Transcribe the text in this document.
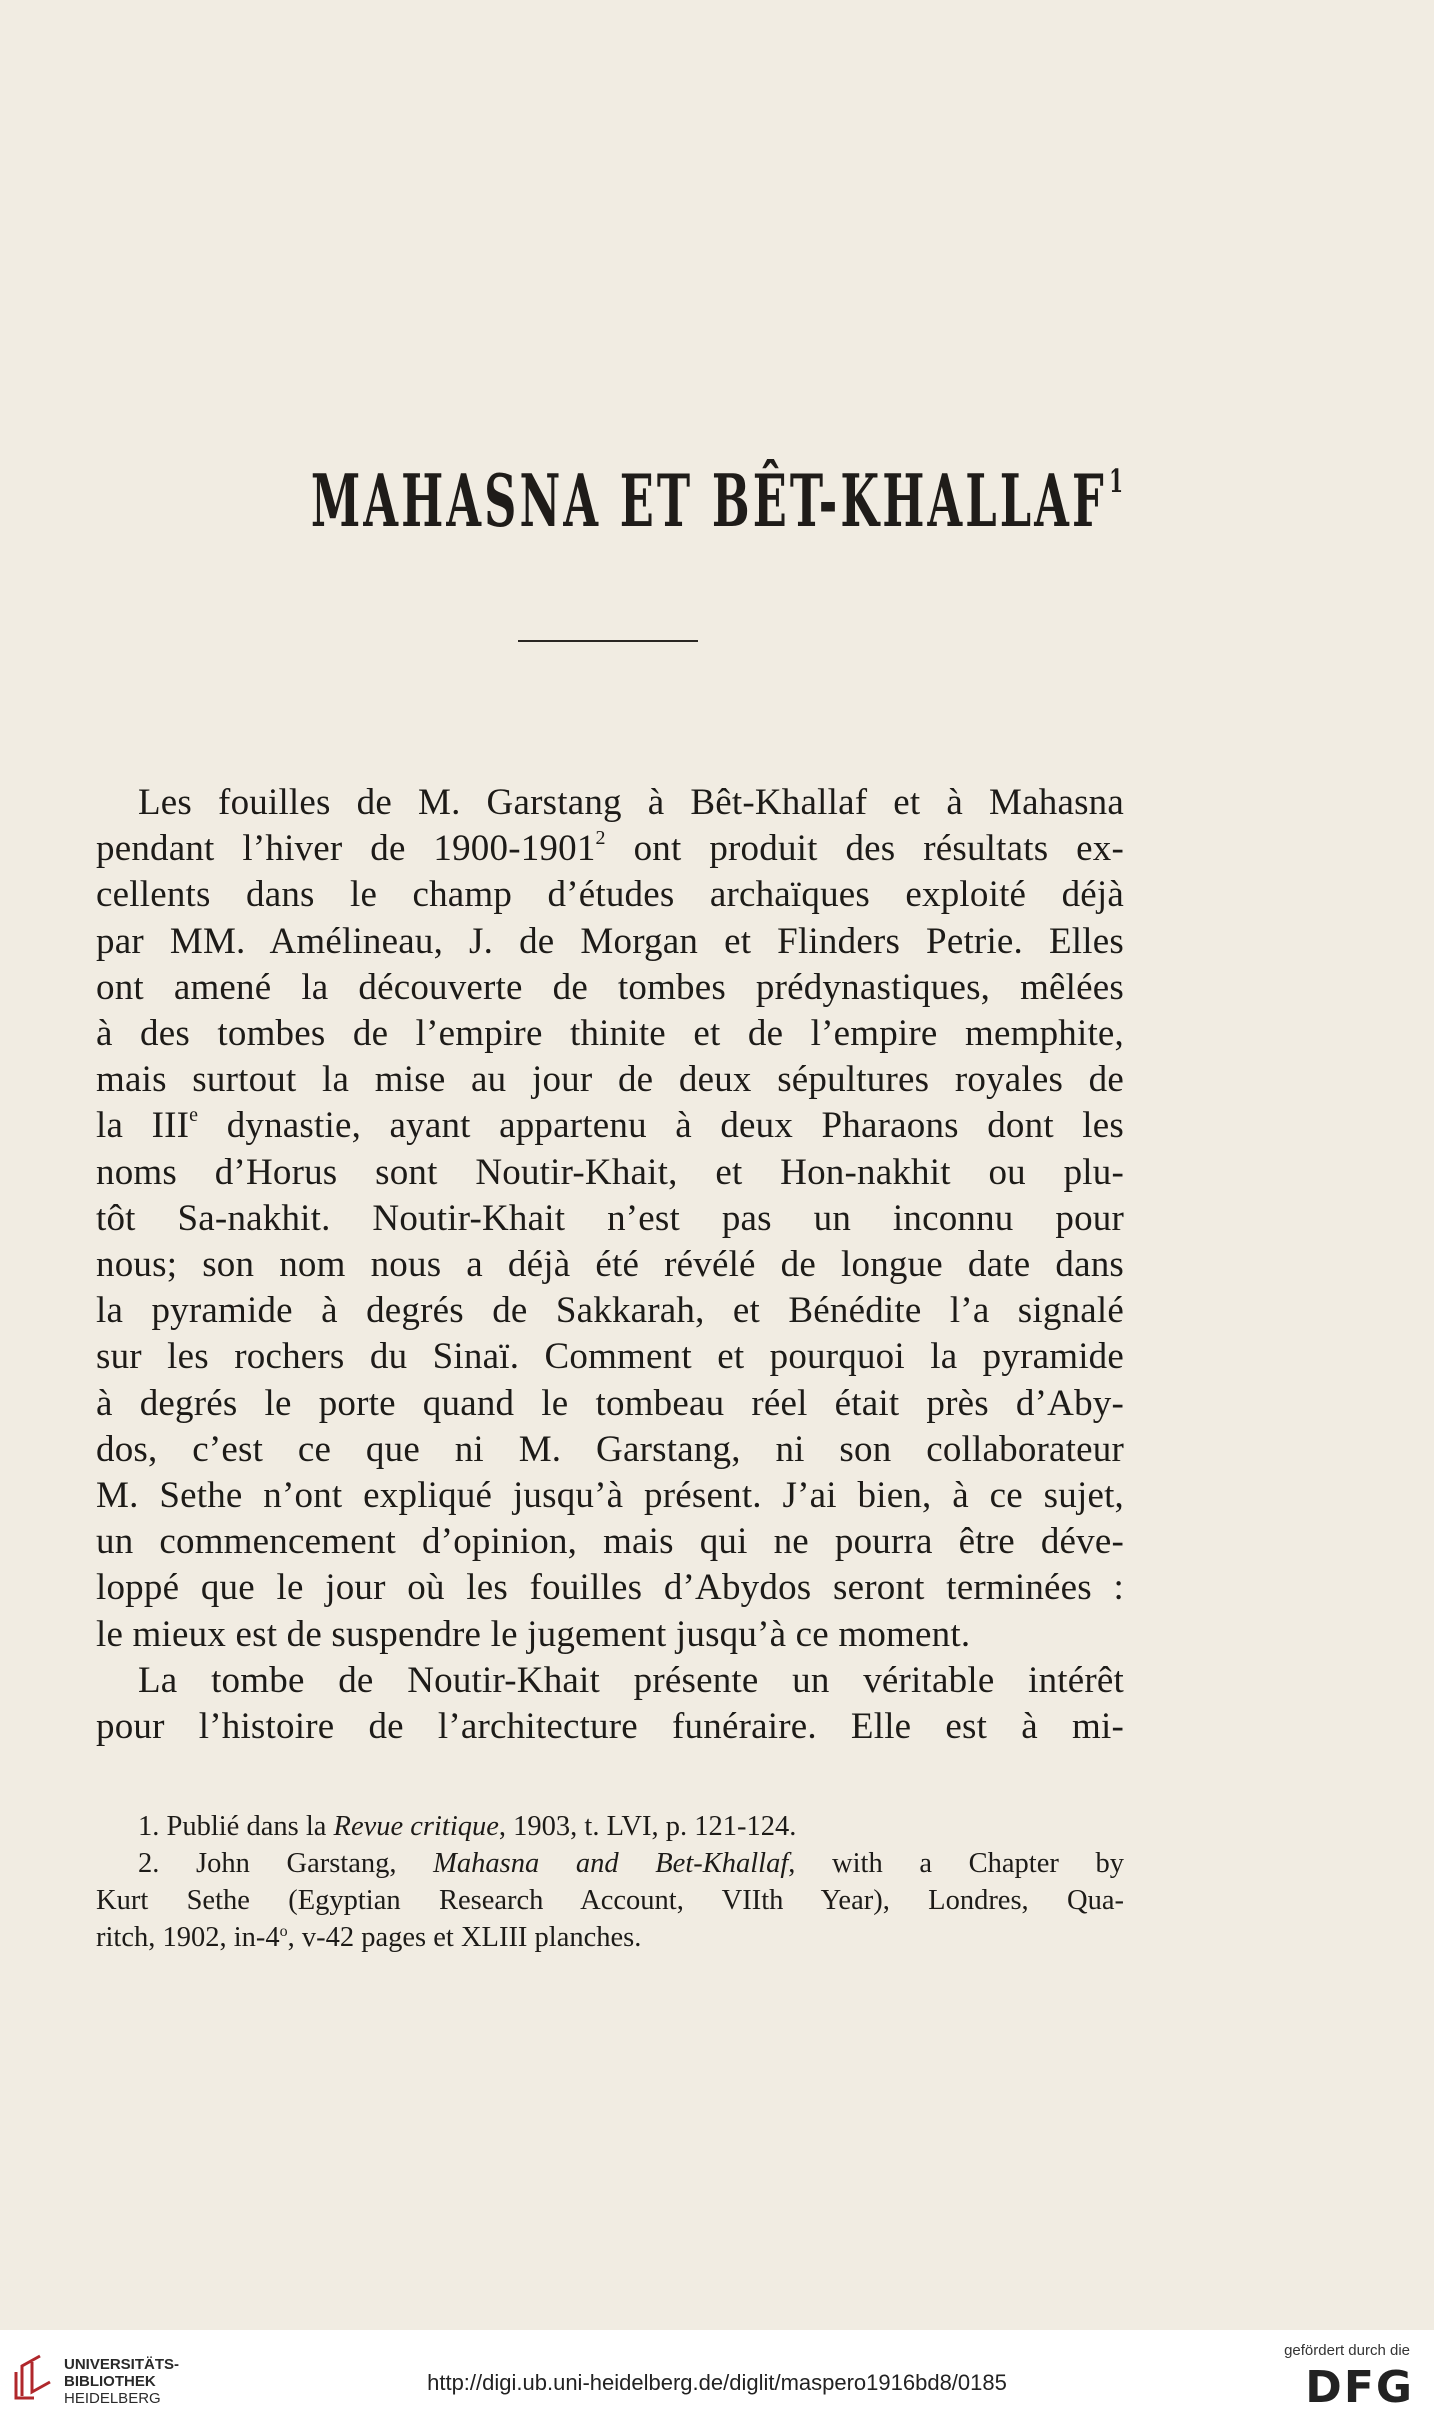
MAHASNA ET BÊT-KHALLAF$^1$
Les fouilles de M. Garstang à Bêt-Khallaf et à Mahasna
pendant l’hiver de 1900-1901$^2$ ont produit des résultats ex-
cellents dans le champ d’études archaïques exploité déjà
par MM. Amélineau, J. de Morgan et Flinders Petrie. Elles
ont amené la découverte de tombes prédynastiques, mêlées
à des tombes de l’empire thinite et de l’empire memphite,
mais surtout la mise au jour de deux sépultures royales de
la IIIe dynastie, ayant appartenu à deux Pharaons dont les
noms d’Horus sont Noutir-Khait, et Hon-nakhit ou plu-
tôt Sa-nakhit. Noutir-Khait n’est pas un inconnu pour
nous; son nom nous a déjà été révélé de longue date dans
la pyramide à degrés de Sakkarah, et Bénédite l’a signalé
sur les rochers du Sinaï. Comment et pourquoi la pyramide
à degrés le porte quand le tombeau réel était près d’Aby-
dos, c’est ce que ni M. Garstang, ni son collaborateur
M. Sethe n’ont expliqué jusqu’à présent. J’ai bien, à ce sujet,
un commencement d’opinion, mais qui ne pourra être déve-
loppé que le jour où les fouilles d’Abydos seront terminées :
le mieux est de suspendre le jugement jusqu’à ce moment.
La tombe de Noutir-Khait présente un véritable intérêt
pour l’histoire de l’architecture funéraire. Elle est à mi-
1. Publié dans la Revue critique, 1903, t. LVI, p. 121-124.
2. John Garstang, Mahasna and Bet-Khallaf, with a Chapter by
Kurt Sethe (Egyptian Research Account, VIIth Year), Londres, Qua-
ritch, 1902, in-4$^o$, v-42 pages et XLIII planches.
UNIVERSITÄTS-
BIBLIOTHEK
HEIDELBERG
http://digi.ub.uni-heidelberg.de/diglit/maspero1916bd8/0185
gefördert durch die
DFG
